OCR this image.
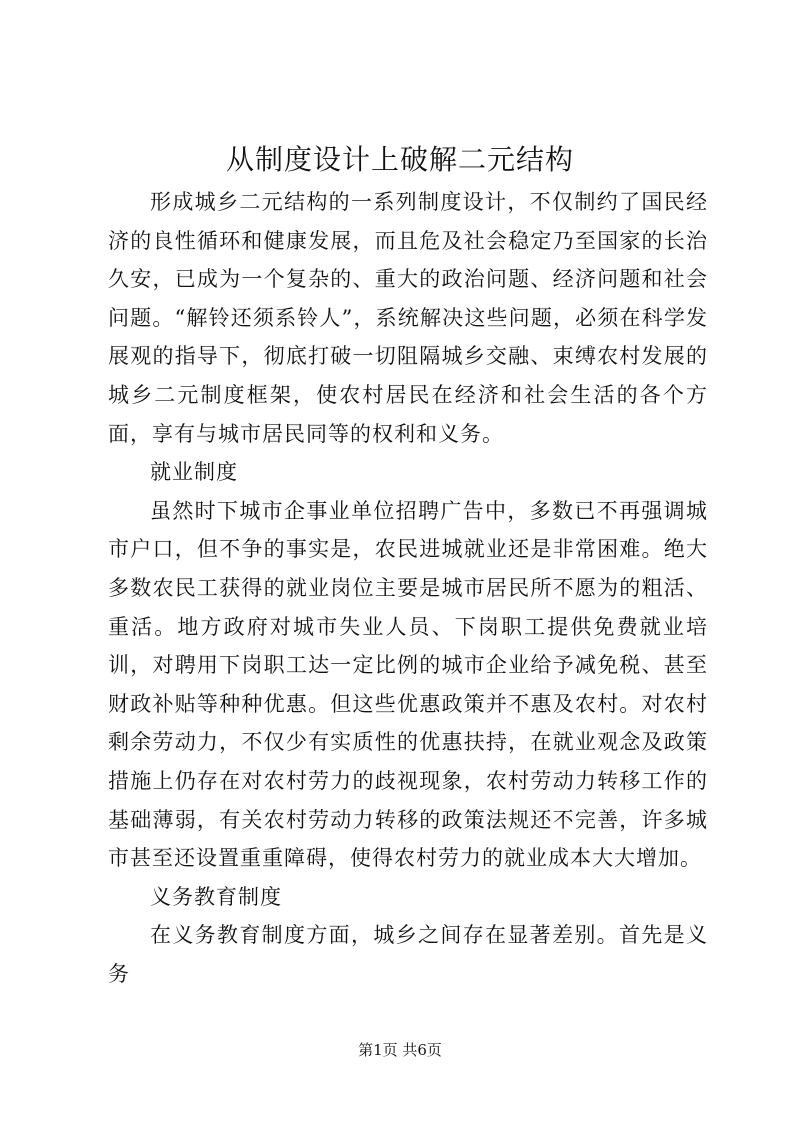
从制度设计上破解二元结构

形成城乡二元结构的一系列制度设计，不仅制约了国民经济的良性循环和健康发展，而且危及社会稳定乃至国家的长治久安，已成为一个复杂的、重大的政治问题、经济问题和社会问题。“解铃还须系铃人”，系统解决这些问题，必须在科学发展观的指导下，彻底打破一切阻隔城乡交融、束缚农村发展的城乡二元制度框架，使农村居民在经济和社会生活的各个方面，享有与城市居民同等的权利和义务。

就业制度

虽然时下城市企事业单位招聘广告中，多数已不再强调城市户口，但不争的事实是，农民进城就业还是非常困难。绝大多数农民工获得的就业岗位主要是城市居民所不愿为的粗活、重活。地方政府对城市失业人员、下岗职工提供免费就业培训，对聘用下岗职工达一定比例的城市企业给予减免税、甚至财政补贴等种种优惠。但这些优惠政策并不惠及农村。对农村剩余劳动力，不仅少有实质性的优惠扶持，在就业观念及政策措施上仍存在对农村劳力的歧视现象，农村劳动力转移工作的基础薄弱，有关农村劳动力转移的政策法规还不完善，许多城市甚至还设置重重障碍，使得农村劳力的就业成本大大增加。

义务教育制度

在义务教育制度方面，城乡之间存在显著差别。首先是义务

第1页 共6页
